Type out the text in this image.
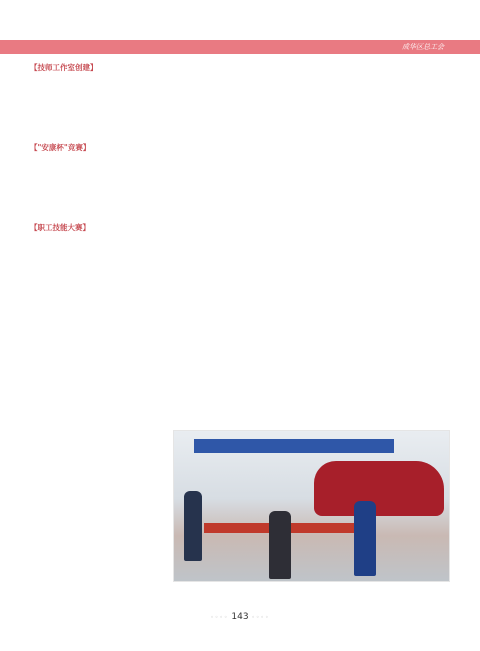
成华区总工会
【技师工作室创建】

【"安康杯"竞赛】

【职工技能大赛】

◦◦◦◦ 143 ◦◦◦◦
